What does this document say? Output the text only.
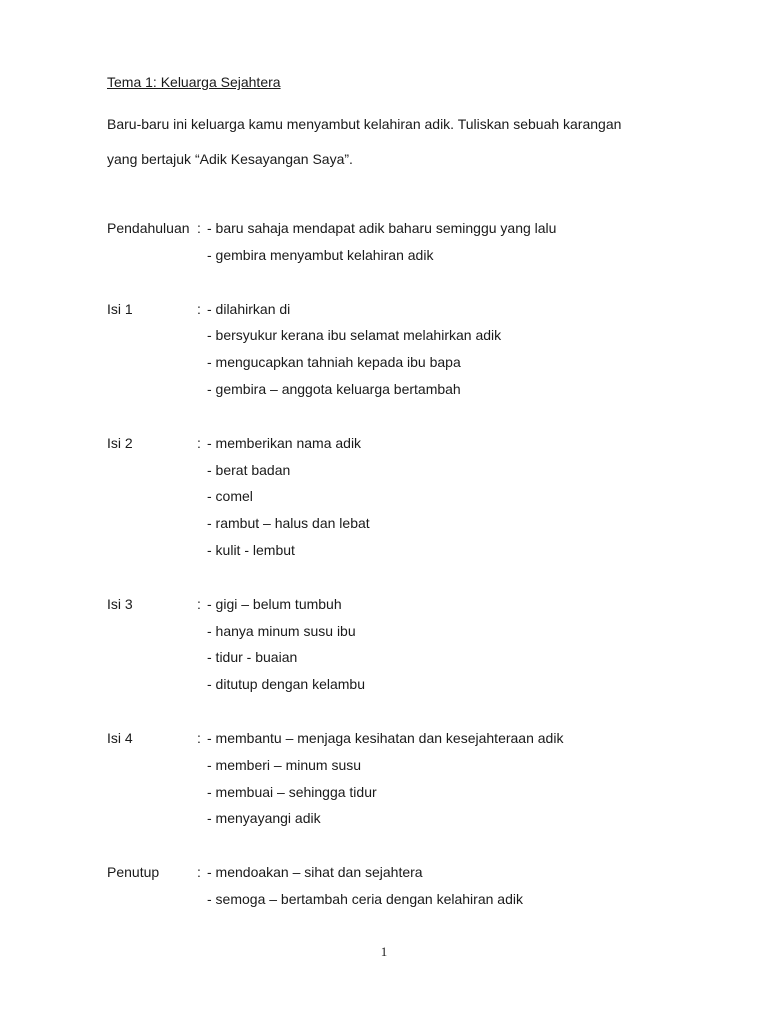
Tema 1: Keluarga Sejahtera

Baru-baru ini keluarga kamu menyambut kelahiran adik. Tuliskan sebuah karangan

yang bertajuk “Adik Kesayangan Saya”.

Pendahuluan : - baru sahaja mendapat adik baharu seminggu yang lalu
- gembira menyambut kelahiran adik
Isi 1	: - dilahirkan di
- bersyukur kerana ibu selamat melahirkan adik
- mengucapkan tahniah kepada ibu bapa
- gembira – anggota keluarga bertambah
Isi 2	: - memberikan nama adik
- berat badan
- comel
- rambut – halus dan lebat
- kulit - lembut
Isi 3	: - gigi – belum tumbuh
- hanya minum susu ibu
- tidur - buaian
- ditutup dengan kelambu
Isi 4	: - membantu – menjaga kesihatan dan kesejahteraan adik
- memberi – minum susu
- membuai – sehingga tidur
- menyayangi adik
Penutup	: - mendoakan – sihat dan sejahtera
- semoga – bertambah ceria dengan kelahiran adik
1
